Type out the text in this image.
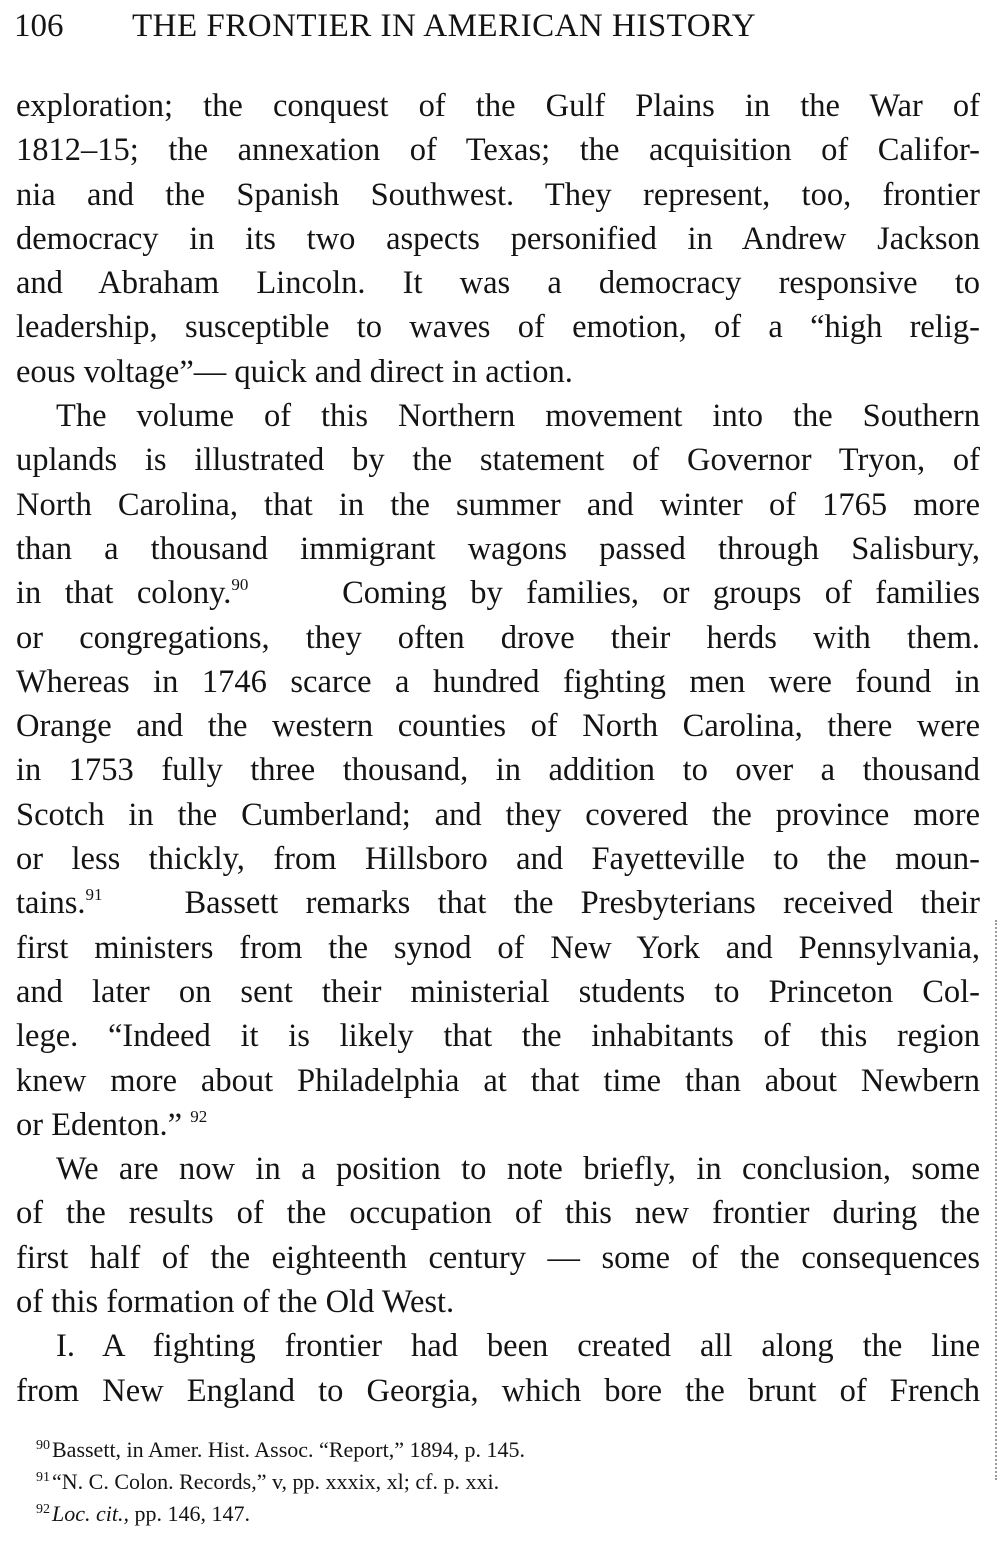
106 THE FRONTIER IN AMERICAN HISTORY
exploration; the conquest of the Gulf Plains in the War of
1812–15; the annexation of Texas; the acquisition of Califor-
nia and the Spanish Southwest. They represent, too, frontier
democracy in its two aspects personified in Andrew Jackson
and Abraham Lincoln. It was a democracy responsive to
leadership, susceptible to waves of emotion, of a “high relig-
eous voltage”— quick and direct in action.
The volume of this Northern movement into the Southern
uplands is illustrated by the statement of Governor Tryon, of
North Carolina, that in the summer and winter of 1765 more
than a thousand immigrant wagons passed through Salisbury,
in that colony.$^{90}$	Coming by families, or groups of families
or congregations, they often drove their herds with them.
Whereas in 1746 scarce a hundred fighting men were found in
Orange and the western counties of North Carolina, there were
in 1753 fully three thousand, in addition to over a thousand
Scotch in the Cumberland; and they covered the province more
or less thickly, from Hillsboro and Fayetteville to the moun-
tains.$^{91}$	Bassett remarks that the Presbyterians received their
first ministers from the synod of New York and Pennsylvania,
and later on sent their ministerial students to Princeton Col-
lege. “Indeed it is likely that the inhabitants of this region
knew more about Philadelphia at that time than about Newbern
or Edenton.” $^{92}$
We are now in a position to note briefly, in conclusion, some
of the results of the occupation of this new frontier during the
first half of the eighteenth century — some of the consequences
of this formation of the Old West.
I. A fighting frontier had been created all along the line
from New England to Georgia, which bore the brunt of French
$^{90}$Bassett, in Amer. Hist. Assoc. “Report,” 1894, p. 145.
$^{91}$“N. C. Colon. Records,” v, pp. xxxix, xl; cf. p. xxi.
$^{92}$Loc. cit., pp. 146, 147.
